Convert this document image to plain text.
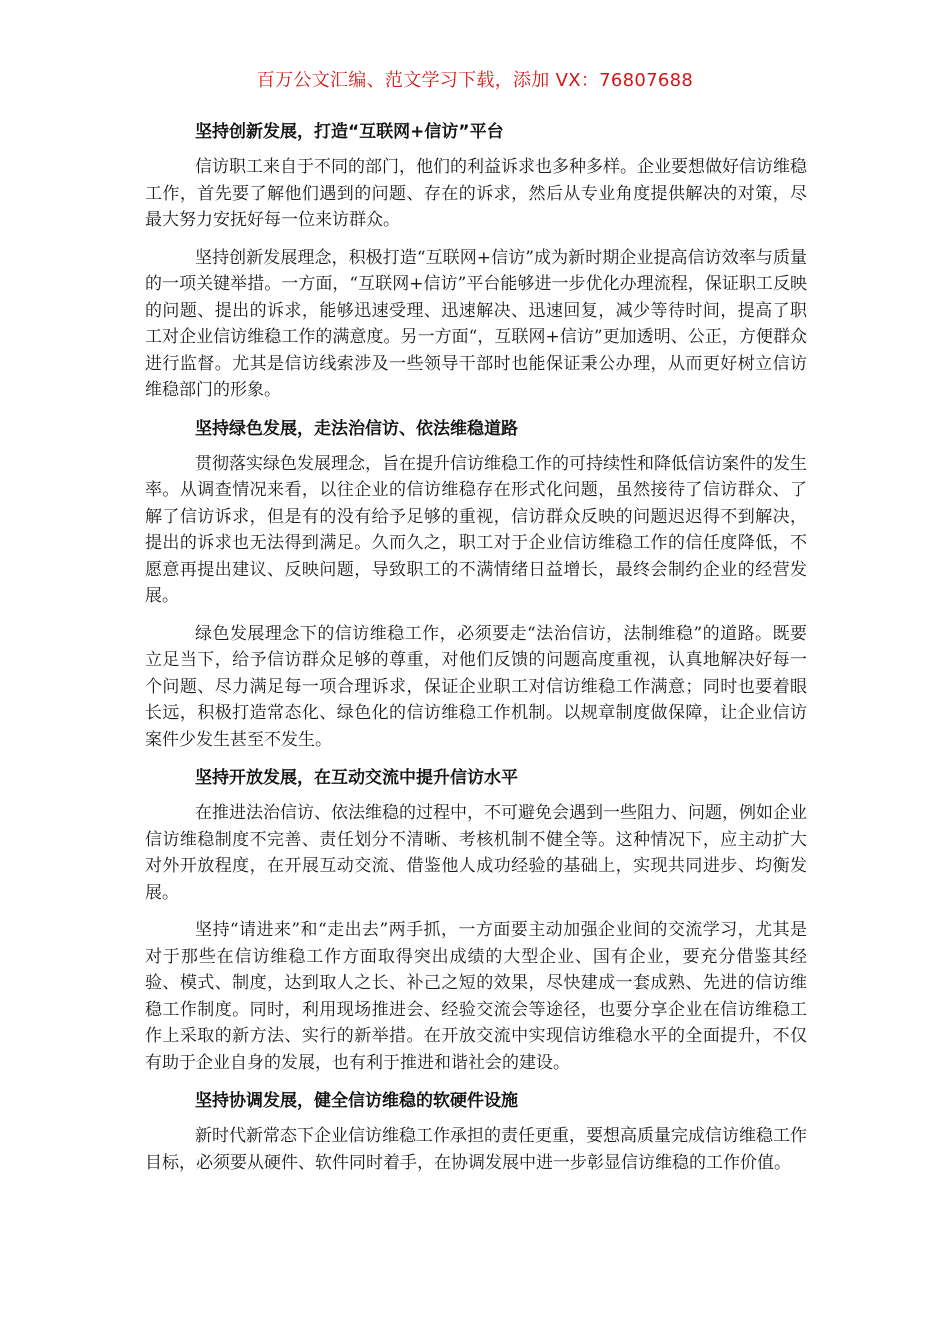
百万公文汇编、范文学习下载，添加 VX：76807688
坚持创新发展，打造“互联网+信访”平台

信访职工来自于不同的部门，他们的利益诉求也多种多样。企业要想做好信访维稳工作，首先要了解他们遇到的问题、存在的诉求，然后从专业角度提供解决的对策，尽最大努力安抚好每一位来访群众。

坚持创新发展理念，积极打造“互联网+信访”成为新时期企业提高信访效率与质量的一项关键举措。一方面，“互联网+信访”平台能够进一步优化办理流程，保证职工反映的问题、提出的诉求，能够迅速受理、迅速解决、迅速回复，减少等待时间，提高了职工对企业信访维稳工作的满意度。另一方面“，互联网+信访”更加透明、公正，方便群众进行监督。尤其是信访线索涉及一些领导干部时也能保证秉公办理，从而更好树立信访维稳部门的形象。

坚持绿色发展，走法治信访、依法维稳道路

贯彻落实绿色发展理念，旨在提升信访维稳工作的可持续性和降低信访案件的发生率。从调查情况来看，以往企业的信访维稳存在形式化问题，虽然接待了信访群众、了解了信访诉求，但是有的没有给予足够的重视，信访群众反映的问题迟迟得不到解决，提出的诉求也无法得到满足。久而久之，职工对于企业信访维稳工作的信任度降低，不愿意再提出建议、反映问题，导致职工的不满情绪日益增长，最终会制约企业的经营发展。

绿色发展理念下的信访维稳工作，必须要走“法治信访，法制维稳”的道路。既要立足当下，给予信访群众足够的尊重，对他们反馈的问题高度重视，认真地解决好每一个问题、尽力满足每一项合理诉求，保证企业职工对信访维稳工作满意；同时也要着眼长远，积极打造常态化、绿色化的信访维稳工作机制。以规章制度做保障，让企业信访案件少发生甚至不发生。

坚持开放发展，在互动交流中提升信访水平

在推进法治信访、依法维稳的过程中，不可避免会遇到一些阻力、问题，例如企业信访维稳制度不完善、责任划分不清晰、考核机制不健全等。这种情况下，应主动扩大对外开放程度，在开展互动交流、借鉴他人成功经验的基础上，实现共同进步、均衡发展。

坚持“请进来”和“走出去”两手抓，一方面要主动加强企业间的交流学习，尤其是对于那些在信访维稳工作方面取得突出成绩的大型企业、国有企业，要充分借鉴其经验、模式、制度，达到取人之长、补己之短的效果，尽快建成一套成熟、先进的信访维稳工作制度。同时，利用现场推进会、经验交流会等途径，也要分享企业在信访维稳工作上采取的新方法、实行的新举措。在开放交流中实现信访维稳水平的全面提升，不仅有助于企业自身的发展，也有利于推进和谐社会的建设。

坚持协调发展，健全信访维稳的软硬件设施

新时代新常态下企业信访维稳工作承担的责任更重，要想高质量完成信访维稳工作目标，必须要从硬件、软件同时着手，在协调发展中进一步彰显信访维稳的工作价值。
